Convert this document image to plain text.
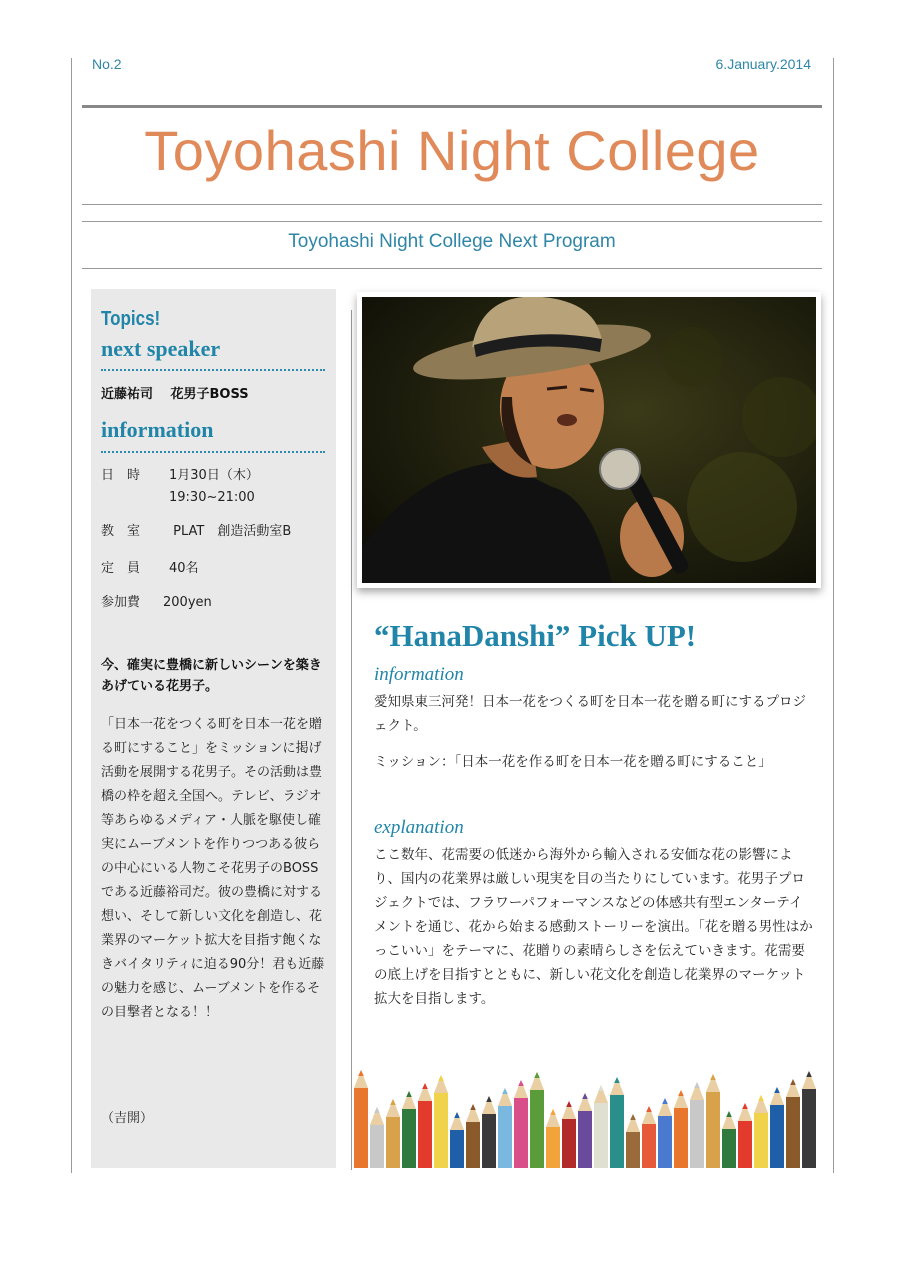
No.2	6.January.2014
Toyohashi Night College
Toyohashi Night College Next Program
Topics!
next speaker
近藤祐司　 花男子BOSS
information
日　時 1月30日（木）
19:30~21:00
教　室 PLAT　創造活動室B
定　員 40名
参加費 200yen
今、確実に豊橋に新しいシーンを築きあげている花男子。
「日本一花をつくる町を日本一花を贈る町にすること」をミッションに掲げ活動を展開する花男子。その活動は豊橋の枠を超え全国へ。テレビ、ラジオ等あらゆるメディア・人脈を駆使し確実にムーブメントを作りつつある彼らの中心にいる人物こそ花男子のBOSSである近藤裕司だ。彼の豊橋に対する想い、そして新しい文化を創造し、花業界のマーケット拡大を目指す飽くなきバイタリティに迫る90分！君も近藤の魅力を感じ、ムーブメントを作るその目撃者となる！！
（吉開）
“HanaDanshi” Pick UP!
information
愛知県東三河発！日本一花をつくる町を日本一花を贈る町にするプロジェクト。
ミッション：「日本一花を作る町を日本一花を贈る町にすること」
explanation
ここ数年、花需要の低迷から海外から輸入される安価な花の影響により、国内の花業界は厳しい現実を目の当たりにしています。花男子プロジェクトでは、フラワーパフォーマンスなどの体感共有型エンターテイメントを通じ、花から始まる感動ストーリーを演出。「花を贈る男性はかっこいい」をテーマに、花贈りの素晴らしさを伝えていきます。花需要の底上げを目指すとともに、新しい花文化を創造し花業界のマーケット拡大を目指します。
